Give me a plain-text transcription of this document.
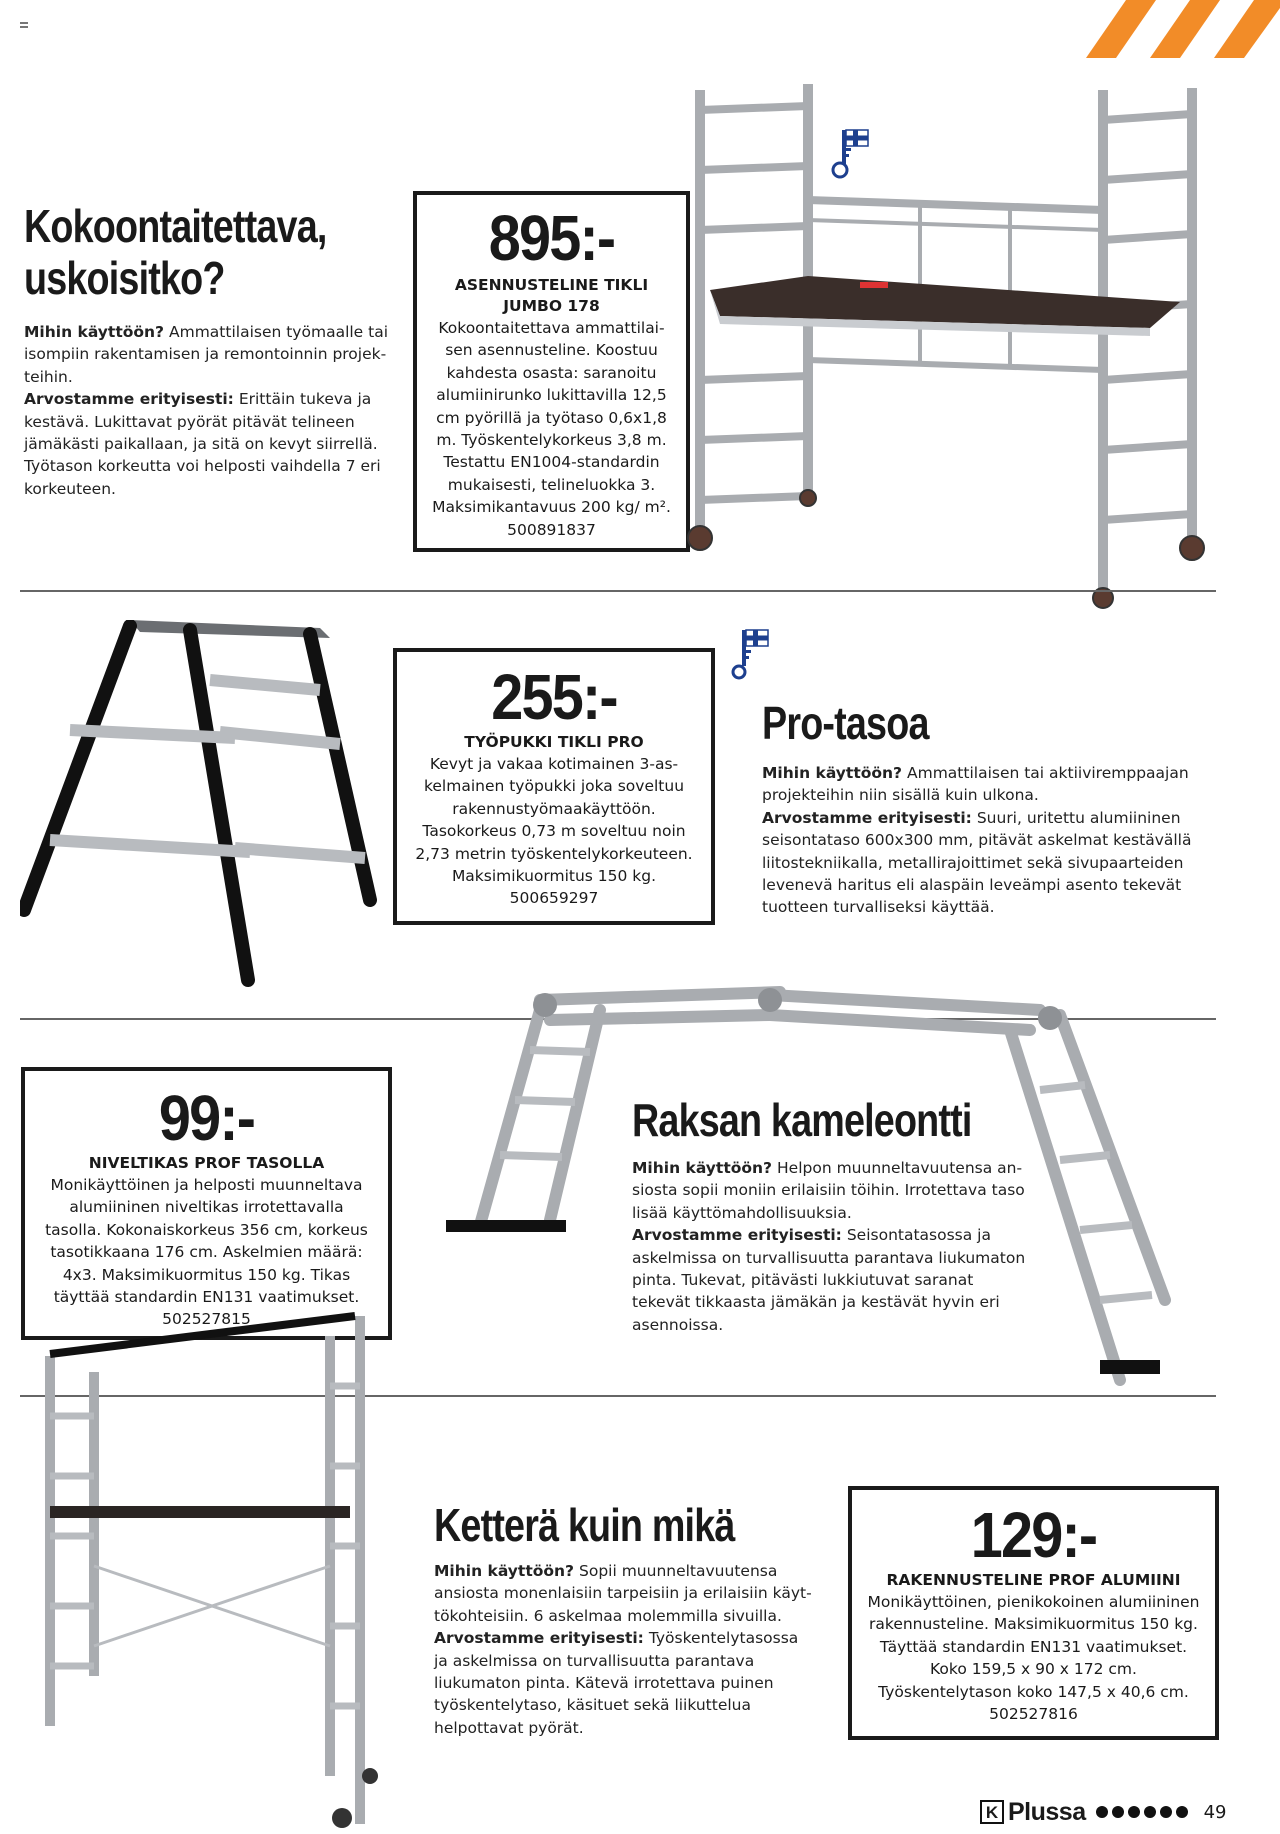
Kokoontaitettava,
uskoisitko?
Mihin käyttöön? Ammattilaisen työmaalle tai isompiin rakentamisen ja remontoinnin projekteihin.
Arvostamme erityisesti: Erittäin tukeva ja kestävä. Lukittavat pyörät pitävät telineen jämäkästi paikallaan, ja sitä on kevyt siirrellä. Työtason korkeutta voi helposti vaihdella 7 eri korkeuteen.
895:-
ASENNUSTELINE TIKLI
JUMBO 178
Kokoontaitettava ammattilaisen asennusteline. Koostuu kahdesta osasta: saranoitu alumiinirunko lukittavilla 12,5 cm pyörillä ja työtaso 0,6x1,8 m. Työskentelykorkeus 3,8 m. Testattu EN1004-standardin mukaisesti, telineluokka 3. Maksimikantavuus 200 kg/ m². 500891837
255:-
TYÖPUKKI TIKLI PRO
Kevyt ja vakaa kotimainen 3-askelmainen työpukki joka soveltuu rakennustyömaakäyttöön. Tasokorkeus 0,73 m soveltuu noin 2,73 metrin työskentelykorkeuteen. Maksimikuormitus 150 kg. 500659297
Pro-tasoa
Mihin käyttöön? Ammattilaisen tai aktiiviremppaajan projekteihin niin sisällä kuin ulkona.
Arvostamme erityisesti: Suuri, uritettu alumiininen seisontataso 600x300 mm, pitävät askelmat kestävällä liitostekniikalla, metallirajoittimet sekä sivupaarteiden levenevä haritus eli alaspäin leveämpi asento tekevät tuotteen turvalliseksi käyttää.
99:-
NIVELTIKAS PROF TASOLLA
Monikäyttöinen ja helposti muunneltava alumiininen niveltikas irrotettavalla tasolla. Kokonaiskorkeus 356 cm, korkeus tasotikkaana 176 cm. Askelmien määrä: 4x3. Maksimikuormitus 150 kg. Tikas täyttää standardin EN131 vaatimukset. 502527815
Raksan kameleontti
Mihin käyttöön? Helpon muunneltavuutensa ansiosta sopii moniin erilaisiin töihin. Irrotettava taso lisää käyttömahdollisuuksia.
Arvostamme erityisesti: Seisontatasossa ja askelmissa on turvallisuutta parantava liukumaton pinta. Tukevat, pitävästi lukkiutuvat saranat tekevät tikkaasta jämäkän ja kestävät hyvin eri asennoissa.
Ketterä kuin mikä
Mihin käyttöön? Sopii muunneltavuutensa ansiosta monenlaisiin tarpeisiin ja erilaisiin käyttökohteisiin. 6 askelmaa molemmilla sivuilla.
Arvostamme erityisesti: Työskentelytasossa ja askelmissa on turvallisuutta parantava liukumaton pinta. Kätevä irrotettava puinen työskentelytaso, käsituet sekä liikuttelua helpottavat pyörät.
129:-
RAKENNUSTELINE PROF ALUMIINI
Monikäyttöinen, pienikokoinen alumiininen rakennusteline. Maksimikuormitus 150 kg. Täyttää standardin EN131 vaatimukset. Koko 159,5 x 90 x 172 cm. Työskentelytason koko 147,5 x 40,6 cm. 502527816
K Plussa	49
